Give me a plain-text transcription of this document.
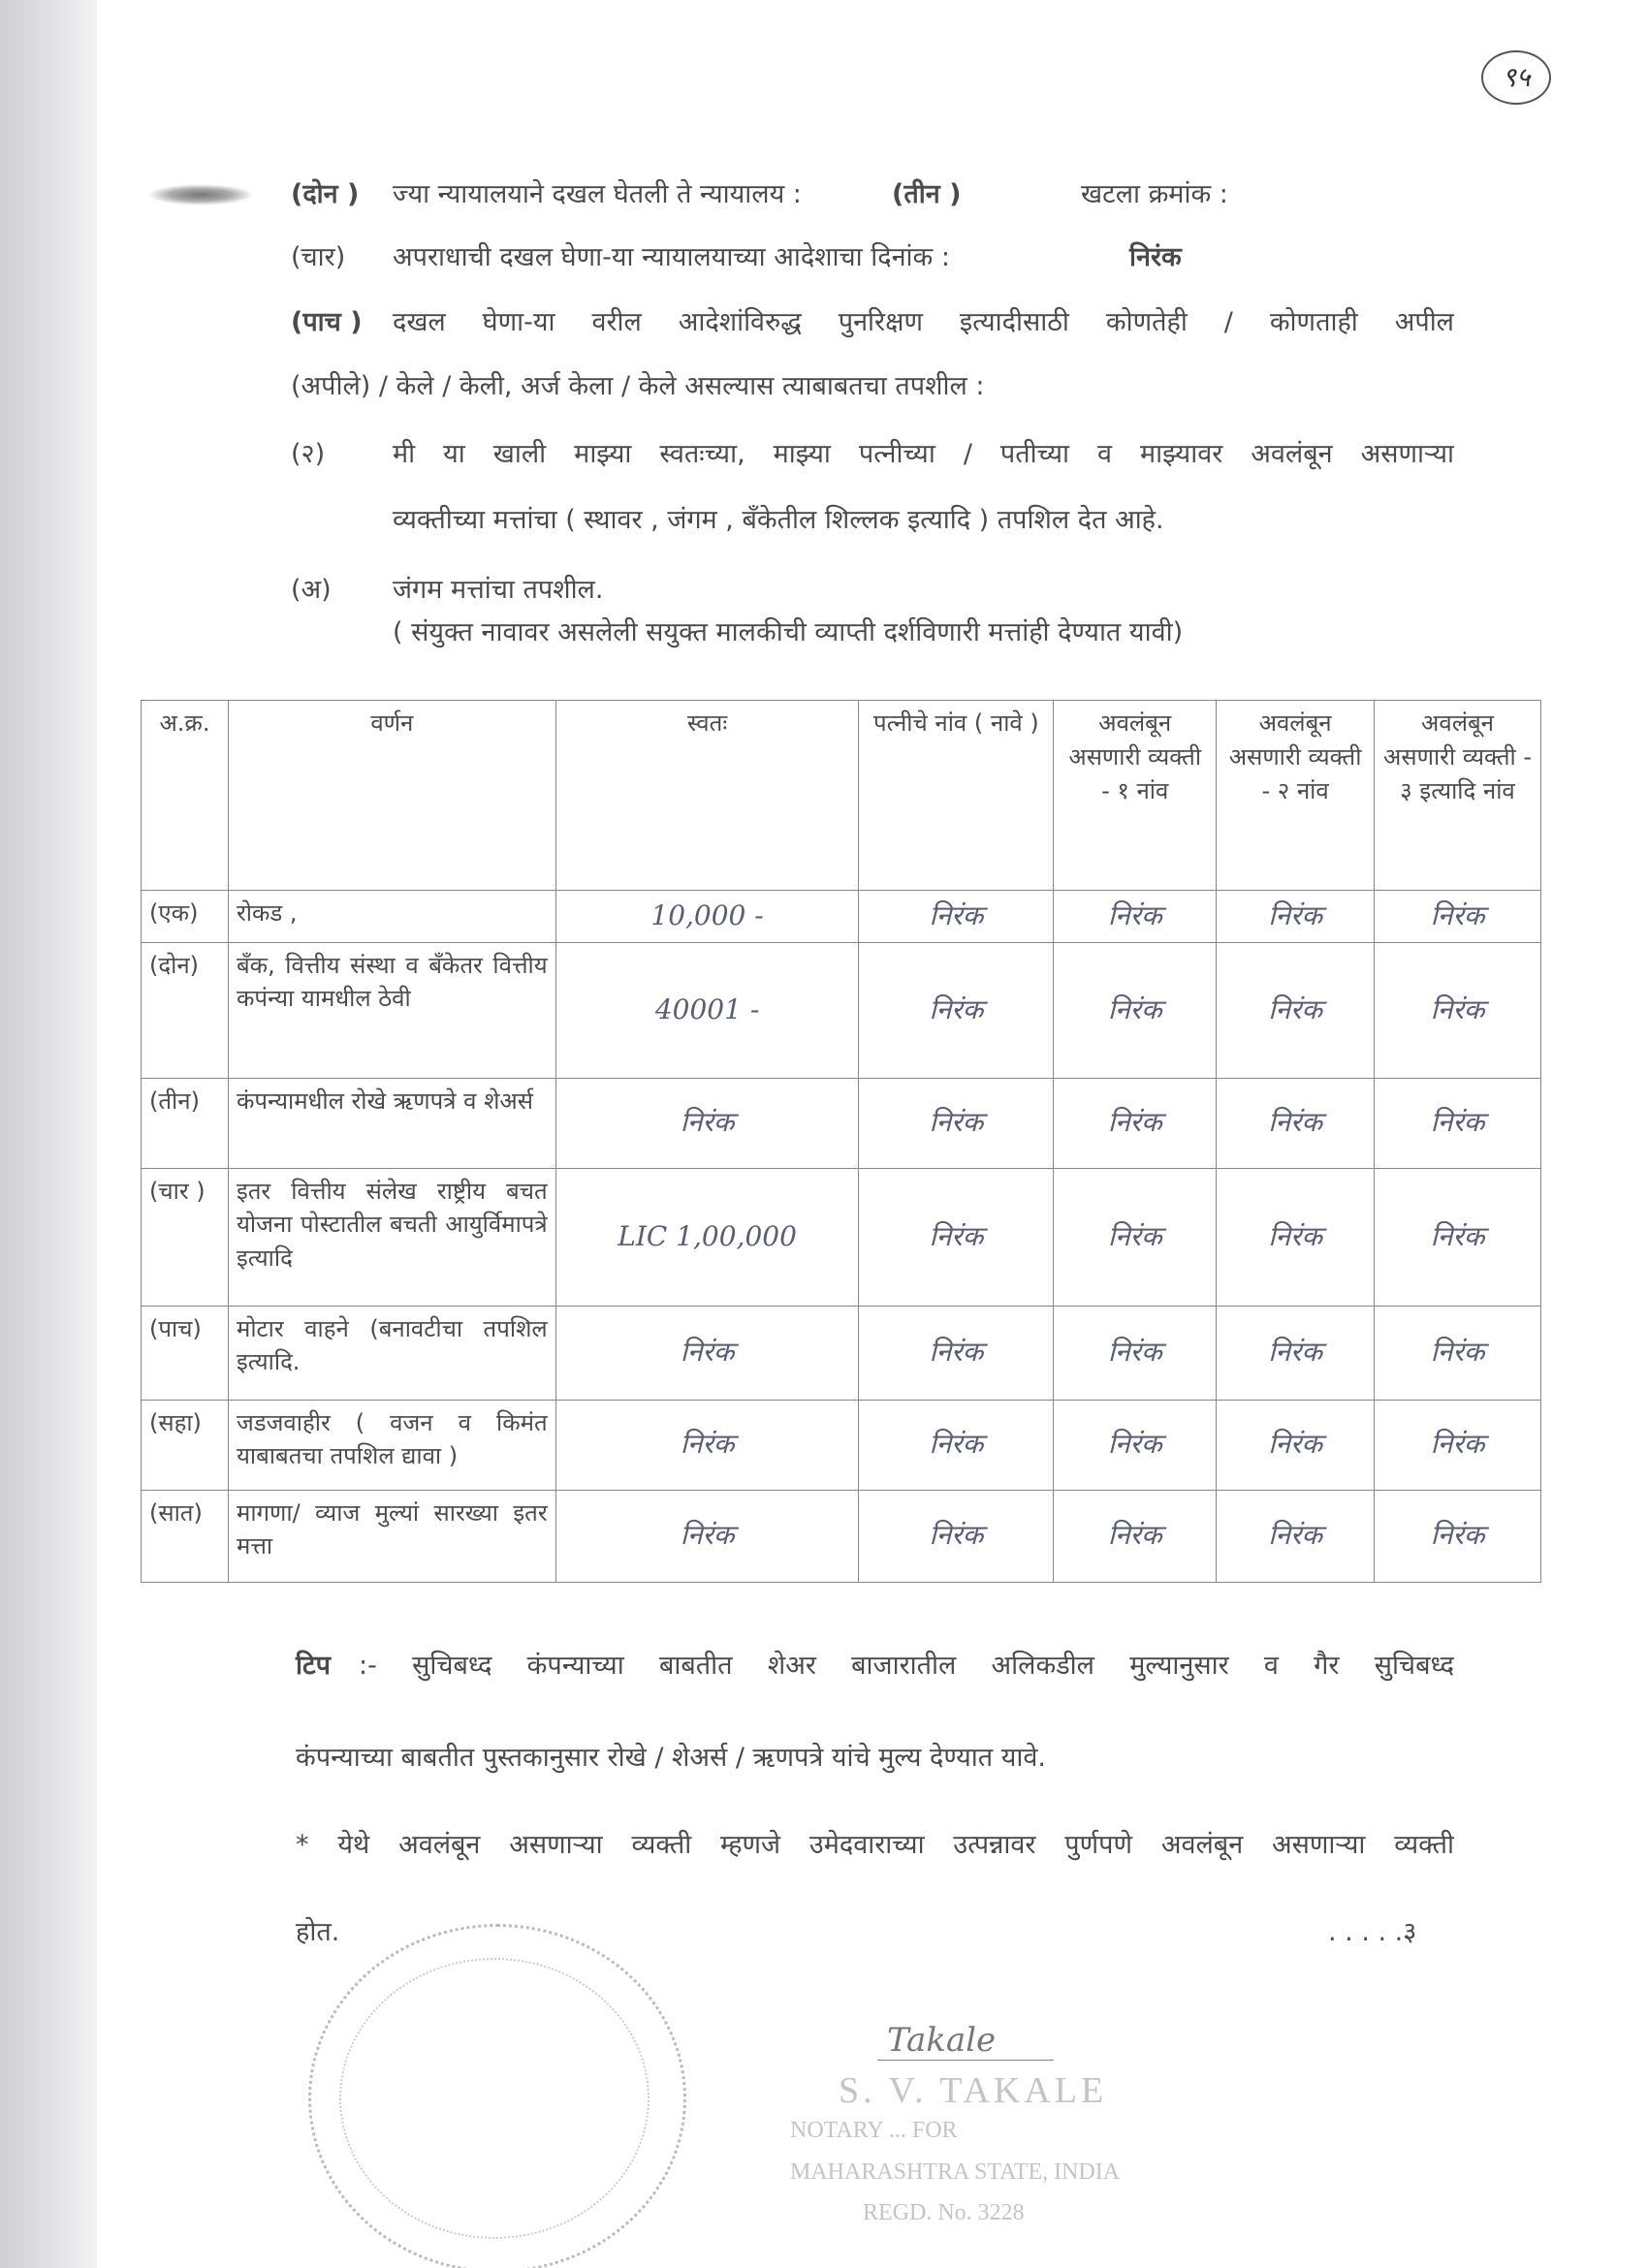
९५
(दोन ) ज्या न्यायालयाने दखल घेतली ते न्यायालय :	(तीन )	खटला क्रमांक :
(चार) अपराधाची दखल घेणा-या न्यायालयाच्या आदेशाचा दिनांक :	निरंक
(पाच ) दखल घेणा-या वरील आदेशांविरुद्ध पुनरिक्षण इत्यादीसाठी कोणतेही / कोणताही अपील
(अपीले) / केले / केली, अर्ज केला / केले असल्यास त्याबाबतचा तपशील :
(२)	मी या खाली माझ्या स्वतःच्या, माझ्या पत्नीच्या / पतीच्या व माझ्यावर अवलंबून असणाऱ्या
व्यक्तीच्या मत्तांचा ( स्थावर , जंगम , बँकेतील शिल्लक इत्यादि ) तपशिल देत आहे.
(अ) जंगम मत्तांचा तपशील.
( संयुक्त नावावर असलेली सयुक्त मालकीची व्याप्ती दर्शविणारी मत्तांही देण्यात यावी)
अ.क्र.	वर्णन	स्वतः	पत्नीचे नांव ( नावे )	अवलंबून असणारी व्यक्ती - १ नांव	अवलंबून असणारी व्यक्ती - २ नांव	अवलंबून असणारी व्यक्ती - ३ इत्यादि नांव
(एक)	रोकड ,	10,000 -	निरंक	निरंक	निरंक	निरंक
(दोन)	बँक, वित्तीय संस्था व बँकेतर वित्तीय कपंन्या यामधील ठेवी	40001 -	निरंक	निरंक	निरंक	निरंक
(तीन)	कंपन्यामधील रोखे ऋणपत्रे व शेअर्स	निरंक	निरंक	निरंक	निरंक	निरंक
(चार )	इतर वित्तीय संलेख राष्ट्रीय बचत योजना पोस्टातील बचती आयुर्विमापत्रे इत्यादि	LIC 1,00,000	निरंक	निरंक	निरंक	निरंक
(पाच)	मोटार वाहने (बनावटीचा तपशिल इत्यादि.	निरंक	निरंक	निरंक	निरंक	निरंक
(सहा)	जडजवाहीर ( वजन व किमंत याबाबतचा तपशिल द्यावा )	निरंक	निरंक	निरंक	निरंक	निरंक
(सात)	मागणा/ व्याज मुल्यां सारख्या इतर मत्ता	निरंक	निरंक	निरंक	निरंक	निरंक
टिप :- सुचिबध्द कंपन्याच्या बाबतीत शेअर बाजारातील अलिकडील मुल्यानुसार व गैर सुचिबध्द
कंपन्याच्या बाबतीत पुस्तकानुसार रोखे / शेअर्स / ऋणपत्रे यांचे मुल्य देण्यात यावे.
* येथे अवलंबून असणाऱ्या व्यक्ती म्हणजे उमेदवाराच्या उत्पन्नावर पुर्णपणे अवलंबून असणाऱ्या व्यक्ती
होत.	. . . . .३
Takale
S. V. TAKALE
NOTARY ... FOR
MAHARASHTRA STATE, INDIA
REGD. No. 3228
